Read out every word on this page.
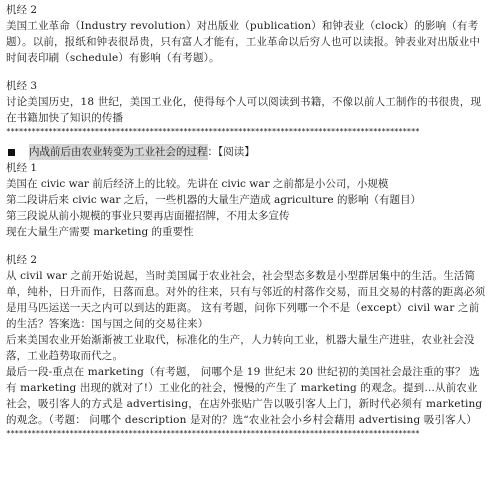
机经 2
美国工业革命（Industry revolution）对出版业（publication）和钟表业（clock）的影响（有考题）。以前，报纸和钟表很昂贵，只有富人才能有，工业革命以后穷人也可以读报。钟表业对出版业中时间表印刷（schedule）有影响（有考题）。
机经 3
讨论美国历史，18 世纪，美国工业化，使得每个人可以阅读到书籍，不像以前人工制作的书很贵，现在书籍加快了知识的传播
**************************************************************************************************
内战前后由农业转变为工业社会的过程 ：【阅读】
机经 1
美国在 civic war 前后经济上的比较。先讲在 civic war 之前都是小公司，小规模
第二段讲后来 civic war 之后，一些机器的大量生产造成 agriculture 的影响（有题目）
第三段说从前小规模的事业只要再店面擢招牌，不用太多宣传
现在大量生产需要 marketing 的重要性
机经 2
从 civil war 之前开始说起，当时美国属于农业社会，社会型态多数是小型群居集中的生活。生活简单，纯朴，日升而作，日落而息。对外的往来，只有与邻近的村落作交易，而且交易的村落的距离必须是用马匹运送一天之内可以到达的距离。 这有考题，问你下列哪一个不是（except）civil war 之前的生活？答案选：国与国之间的交易往来）
后来美国农业开始渐渐被工业取代，标准化的生产，人力转向工业，机器大量生产进驻，农业社会没落，工业趋势取而代之。
最后一段-重点在 marketing（有考题， 问哪个是 19 世纪末 20 世纪初的美国社会最注重的事？ 选有 marketing 出现的就对了!）工业化的社会，慢慢的产生了 marketing 的观念。提到…从前农业社会，吸引客人的方式是 advertising，在店外张贴广告以吸引客人上门，新时代必须有 marketing 的观念。（考题： 问哪个 description 是对的？选“农业社会小乡村会藉用 advertising 吸引客人）
**************************************************************************************************
